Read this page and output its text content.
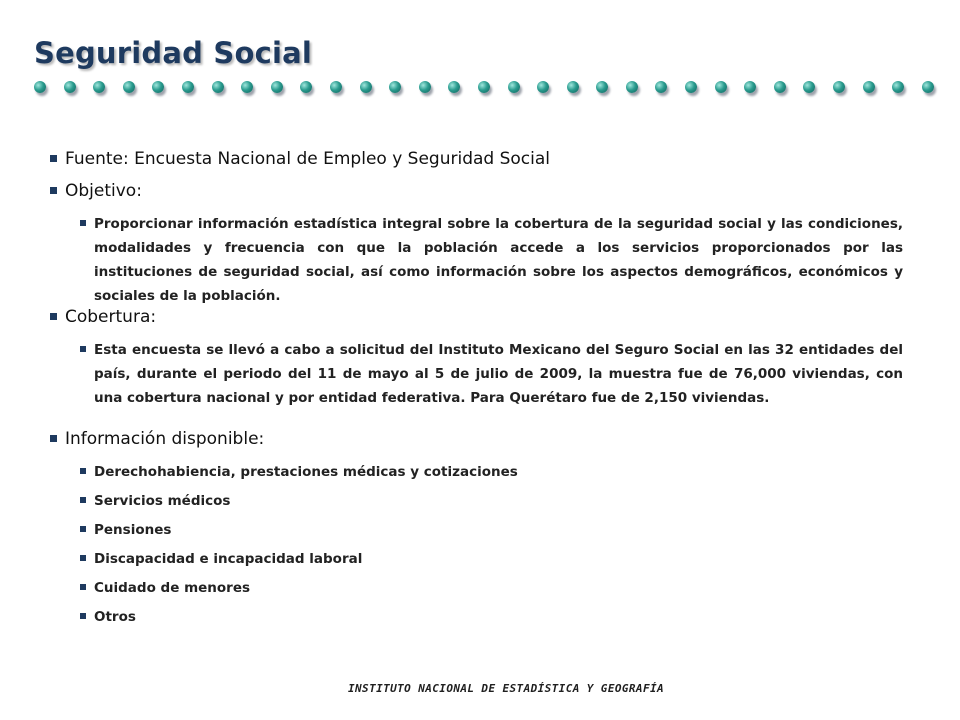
Seguridad Social
Fuente: Encuesta Nacional de Empleo y Seguridad Social
Objetivo:
Proporcionar información estadística integral sobre la cobertura de la seguridad social y las condiciones, modalidades y frecuencia con que la población accede a los servicios proporcionados por las instituciones de seguridad social, así como información sobre los aspectos demográficos, económicos y sociales de la población.
Cobertura:
Esta encuesta se llevó a cabo a solicitud del Instituto Mexicano del Seguro Social en las 32 entidades del país, durante el periodo del 11 de mayo al 5 de julio de 2009, la muestra fue de 76,000 viviendas, con una cobertura nacional y por entidad federativa. Para Querétaro fue de 2,150 viviendas.
Información disponible:
Derechohabiencia, prestaciones médicas y cotizaciones
Servicios médicos
Pensiones
Discapacidad e incapacidad laboral
Cuidado de menores
Otros
INSTITUTO NACIONAL DE ESTADÍSTICA Y GEOGRAFÍA
